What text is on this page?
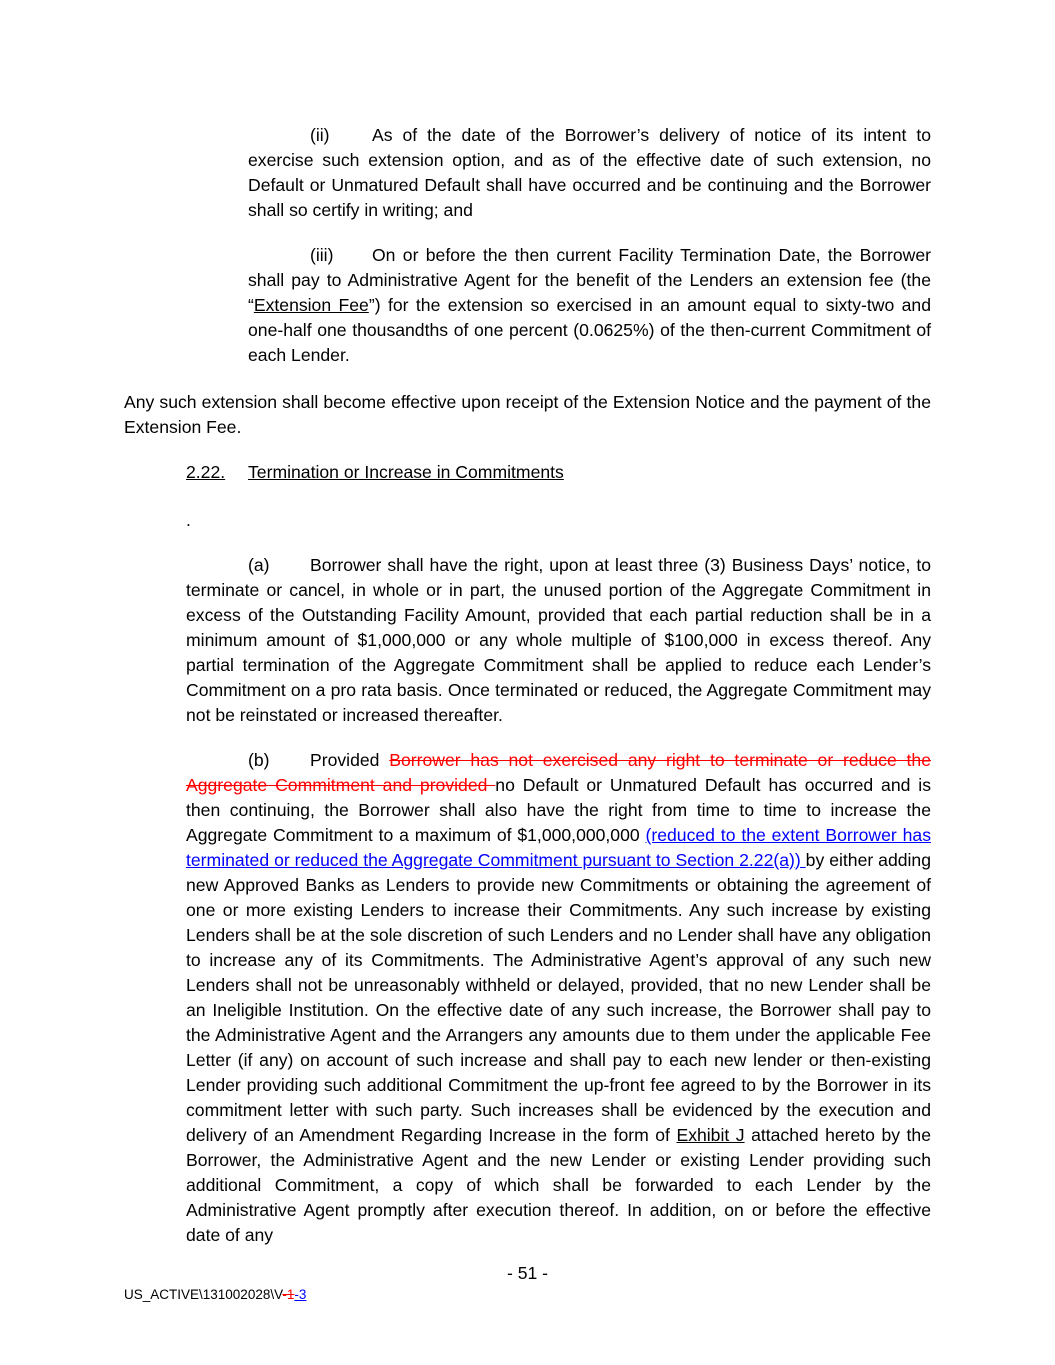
(ii) As of the date of the Borrower’s delivery of notice of its intent to exercise such extension option, and as of the effective date of such extension, no Default or Unmatured Default shall have occurred and be continuing and the Borrower shall so certify in writing; and

(iii) On or before the then current Facility Termination Date, the Borrower shall pay to Administrative Agent for the benefit of the Lenders an extension fee (the “Extension Fee”) for the extension so exercised in an amount equal to sixty-two and one-half one thousandths of one percent (0.0625%) of the then-current Commitment of each Lender.

Any such extension shall become effective upon receipt of the Extension Notice and the payment of the Extension Fee.

2.22. Termination or Increase in Commitments
.

(a) Borrower shall have the right, upon at least three (3) Business Days’ notice, to terminate or cancel, in whole or in part, the unused portion of the Aggregate Commitment in excess of the Outstanding Facility Amount, provided that each partial reduction shall be in a minimum amount of $1,000,000 or any whole multiple of $100,000 in excess thereof. Any partial termination of the Aggregate Commitment shall be applied to reduce each Lender’s Commitment on a pro rata basis. Once terminated or reduced, the Aggregate Commitment may not be reinstated or increased thereafter.

(b) Provided Borrower has not exercised any right to terminate or reduce the Aggregate Commitment and provided no Default or Unmatured Default has occurred and is then continuing, the Borrower shall also have the right from time to time to increase the Aggregate Commitment to a maximum of $1,000,000,000 (reduced to the extent Borrower has terminated or reduced the Aggregate Commitment pursuant to Section 2.22(a)) by either adding new Approved Banks as Lenders to provide new Commitments or obtaining the agreement of one or more existing Lenders to increase their Commitments. Any such increase by existing Lenders shall be at the sole discretion of such Lenders and no Lender shall have any obligation to increase any of its Commitments. The Administrative Agent’s approval of any such new Lenders shall not be unreasonably withheld or delayed, provided, that no new Lender shall be an Ineligible Institution. On the effective date of any such increase, the Borrower shall pay to the Administrative Agent and the Arrangers any amounts due to them under the applicable Fee Letter (if any) on account of such increase and shall pay to each new lender or then-existing Lender providing such additional Commitment the up-front fee agreed to by the Borrower in its commitment letter with such party. Such increases shall be evidenced by the execution and delivery of an Amendment Regarding Increase in the form of Exhibit J attached hereto by the Borrower, the Administrative Agent and the new Lender or existing Lender providing such additional Commitment, a copy of which shall be forwarded to each Lender by the Administrative Agent promptly after execution thereof. In addition, on or before the effective date of any

- 51 -
US_ACTIVE\131002028\V-1-3
